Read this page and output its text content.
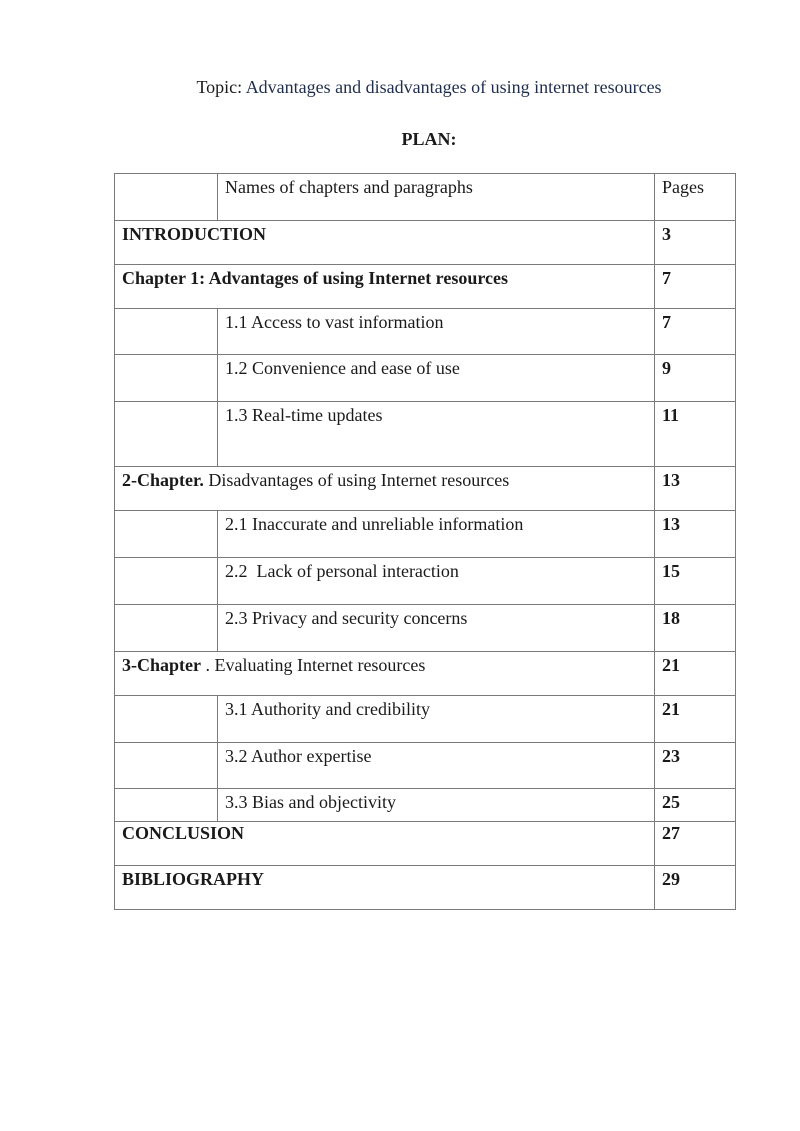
Topic: Advantages and disadvantages of using internet resources
PLAN:

	Names of chapters and paragraphs	Pages

INTRODUCTION		3

Chapter 1: Advantages of using Internet resources		7

	1.1 Access to vast information	7

	1.2 Convenience and ease of use	9

	1.3 Real-time updates	11

2-Chapter. Disadvantages of using Internet resources		13

	2.1 Inaccurate and unreliable information	13

	2.2  Lack of personal interaction	15

	2.3 Privacy and security concerns	18

3-Chapter . Evaluating Internet resources		21

	3.1 Authority and credibility	21

	3.2 Author expertise	23

	3.3 Bias and objectivity	25

CONCLUSION		27

BIBLIOGRAPHY		29
